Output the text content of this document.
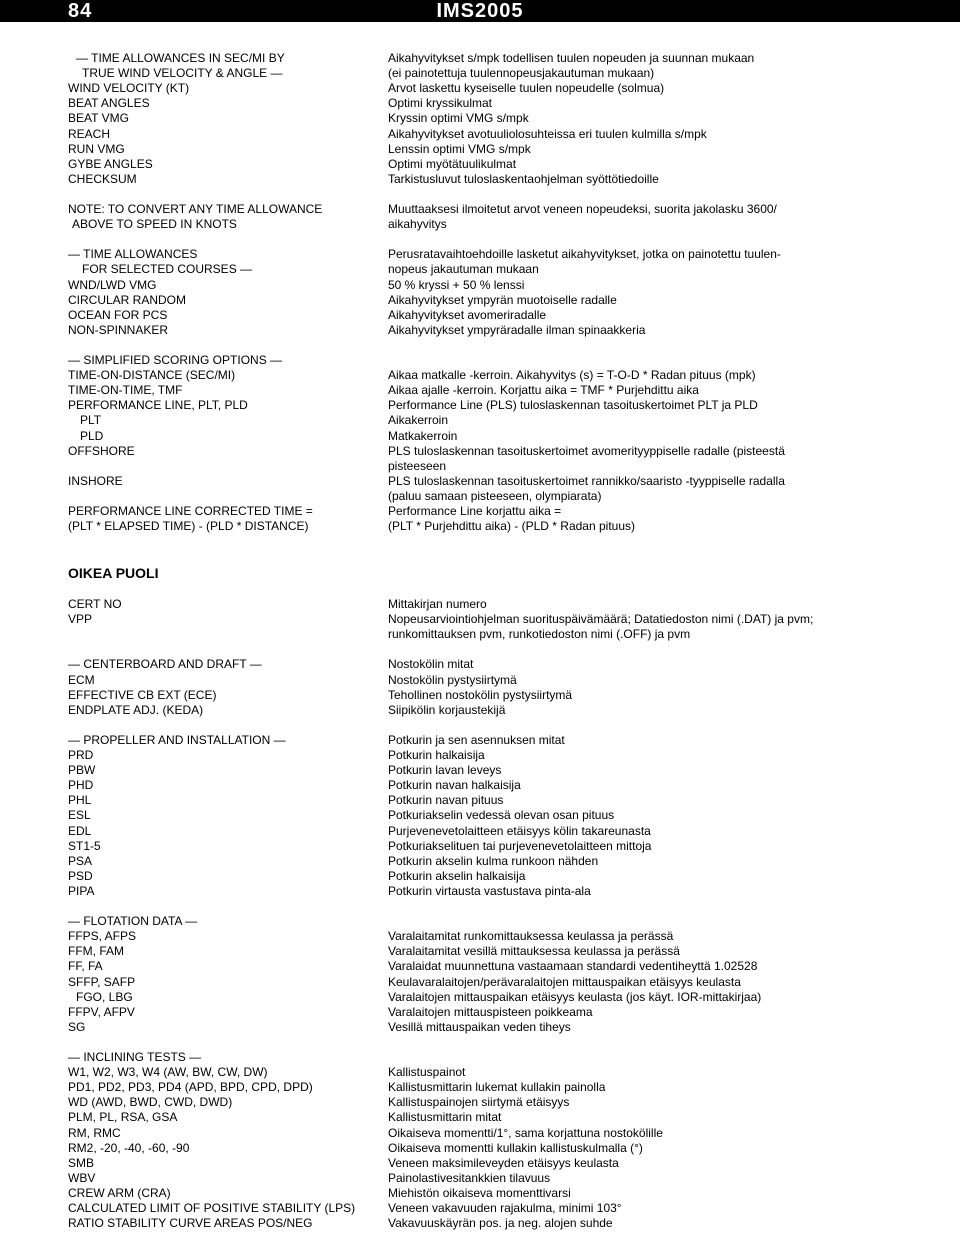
84	IMS2005
OIKEA PUOLI
— TIME ALLOWANCES IN SEC/MI BY	Aikahyvitykset s/mpk todellisen tuulen nopeuden ja suunnan mukaan
TRUE WIND VELOCITY & ANGLE —	(ei painotettuja tuulennopeusjakautuman mukaan)
WIND VELOCITY (KT)	Arvot laskettu kyseiselle tuulen nopeudelle (solmua)
BEAT ANGLES	Optimi kryssikulmat
BEAT VMG	Kryssin optimi VMG s/mpk
REACH	Aikahyvitykset avotuuliolosuhteissa eri tuulen kulmilla s/mpk
RUN VMG	Lenssin optimi VMG s/mpk
GYBE ANGLES	Optimi myötätuulikulmat
CHECKSUM	Tarkistusluvut tuloslaskentaohjelman syöttötiedoille
NOTE: TO CONVERT ANY TIME ALLOWANCE	Muuttaaksesi ilmoitetut arvot veneen nopeudeksi, suorita jakolasku 3600/
ABOVE TO SPEED IN KNOTS	aikahyvitys
— TIME ALLOWANCES	Perusratavaihtoehdoille lasketut aikahyvitykset, jotka on painotettu tuulen-
FOR SELECTED COURSES —	nopeus jakautuman mukaan
WND/LWD VMG	50 % kryssi + 50 % lenssi
CIRCULAR RANDOM	Aikahyvitykset ympyrän muotoiselle radalle
OCEAN FOR PCS	Aikahyvitykset avomeriradalle
NON-SPINNAKER	Aikahyvitykset ympyräradalle ilman spinaakkeria
— SIMPLIFIED SCORING OPTIONS —
TIME-ON-DISTANCE (SEC/MI)	Aikaa matkalle -kerroin. Aikahyvitys (s) = T-O-D * Radan pituus (mpk)
TIME-ON-TIME, TMF	Aikaa ajalle -kerroin. Korjattu aika = TMF * Purjehdittu aika
PERFORMANCE LINE, PLT, PLD	Performance Line (PLS) tuloslaskennan tasoituskertoimet PLT ja PLD
PLT	Aikakerroin
PLD	Matkakerroin
OFFSHORE	PLS tuloslaskennan tasoituskertoimet avomerityyppiselle radalle (pisteestä
pisteeseen
INSHORE	PLS tuloslaskennan tasoituskertoimet rannikko/saaristo -tyyppiselle radalla
(paluu samaan pisteeseen, olympiarata)
PERFORMANCE LINE CORRECTED TIME =	Performance Line korjattu aika =
(PLT * ELAPSED TIME) - (PLD * DISTANCE)	(PLT * Purjehdittu aika) - (PLD * Radan pituus)
CERT NO	Mittakirjan numero
VPP	Nopeusarviointiohjelman suorituspäivämäärä; Datatiedoston nimi (.DAT) ja pvm;
runkomittauksen pvm, runkotiedoston nimi (.OFF) ja pvm
— CENTERBOARD AND DRAFT —	Nostokölin mitat
ECM	Nostokölin pystysiirtymä
EFFECTIVE CB EXT (ECE)	Tehollinen nostokölin pystysiirtymä
ENDPLATE ADJ. (KEDA)	Siipikölin korjaustekijä
— PROPELLER AND INSTALLATION —	Potkurin ja sen asennuksen mitat
PRD	Potkurin halkaisija
PBW	Potkurin lavan leveys
PHD	Potkurin navan halkaisija
PHL	Potkurin navan pituus
ESL	Potkuriakselin vedessä olevan osan pituus
EDL	Purjevenevetolaitteen etäisyys kölin takareunasta
ST1-5	Potkuriakselituen tai purjevenevetolaitteen mittoja
PSA	Potkurin akselin kulma runkoon nähden
PSD	Potkurin akselin halkaisija
PIPA	Potkurin virtausta vastustava pinta-ala
— FLOTATION DATA —
FFPS, AFPS	Varalaitamitat runkomittauksessa keulassa ja perässä
FFM, FAM	Varalaitamitat vesillä mittauksessa keulassa ja perässä
FF, FA	Varalaidat muunnettuna vastaamaan standardi vedentiheyttä 1.02528
SFFP, SAFP	Keulavaralaitojen/perävaralaitojen mittauspaikan etäisyys keulasta
FGO, LBG	Varalaitojen mittauspaikan etäisyys keulasta (jos käyt. IOR-mittakirjaa)
FFPV, AFPV	Varalaitojen mittauspisteen poikkeama
SG	Vesillä mittauspaikan veden tiheys
— INCLINING TESTS —
W1, W2, W3, W4 (AW, BW, CW, DW)	Kallistuspainot
PD1, PD2, PD3, PD4 (APD, BPD, CPD, DPD)	Kallistusmittarin lukemat kullakin painolla
WD (AWD, BWD, CWD, DWD)	Kallistuspainojen siirtymä etäisyys
PLM, PL, RSA, GSA	Kallistusmittarin mitat
RM, RMC	Oikaiseva momentti/1°, sama korjattuna nostokölille
RM2, -20, -40, -60, -90	Oikaiseva momentti kullakin kallistuskulmalla (°)
SMB	Veneen maksimileveyden etäisyys keulasta
WBV	Painolastivesitankkien tilavuus
CREW ARM (CRA)	Miehistön oikaiseva momenttivarsi
CALCULATED LIMIT OF POSITIVE STABILITY (LPS)	Veneen vakavuuden rajakulma, minimi 103°
RATIO STABILITY CURVE AREAS POS/NEG	Vakavuuskäyrän pos. ja neg. alojen suhde
